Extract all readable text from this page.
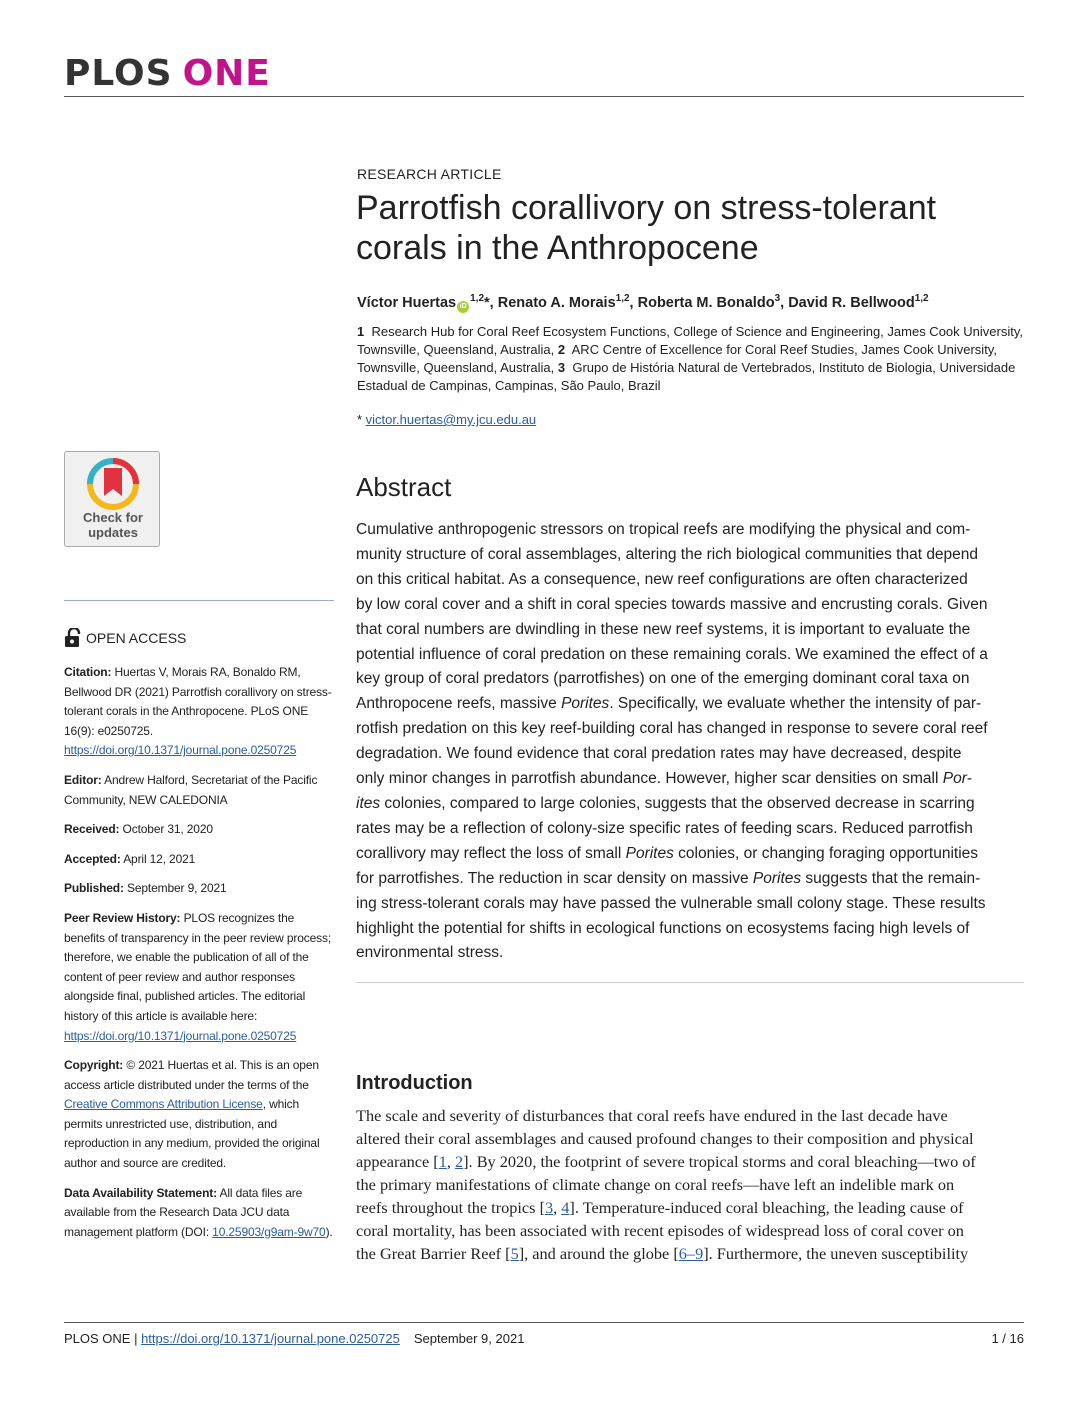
PLOS ONE
RESEARCH ARTICLE
Parrotfish corallivory on stress-tolerant corals in the Anthropocene
Víctor Huertas iD$^{1,2}$*, Renato A. Morais$^{1,2}$, Roberta M. Bonaldo$^3$, David R. Bellwood$^{1,2}$
1 Research Hub for Coral Reef Ecosystem Functions, College of Science and Engineering, James Cook University, Townsville, Queensland, Australia, 2 ARC Centre of Excellence for Coral Reef Studies, James Cook University, Townsville, Queensland, Australia, 3 Grupo de História Natural de Vertebrados, Instituto de Biologia, Universidade Estadual de Campinas, Campinas, São Paulo, Brazil
* victor.huertas@my.jcu.edu.au
Abstract
Cumulative anthropogenic stressors on tropical reefs are modifying the physical and com-
munity structure of coral assemblages, altering the rich biological communities that depend
on this critical habitat. As a consequence, new reef configurations are often characterized
by low coral cover and a shift in coral species towards massive and encrusting corals. Given
that coral numbers are dwindling in these new reef systems, it is important to evaluate the
potential influence of coral predation on these remaining corals. We examined the effect of a
key group of coral predators (parrotfishes) on one of the emerging dominant coral taxa on
Anthropocene reefs, massive Porites. Specifically, we evaluate whether the intensity of par-
rotfish predation on this key reef-building coral has changed in response to severe coral reef
degradation. We found evidence that coral predation rates may have decreased, despite
only minor changes in parrotfish abundance. However, higher scar densities on small Por-
ites colonies, compared to large colonies, suggests that the observed decrease in scarring
rates may be a reflection of colony-size specific rates of feeding scars. Reduced parrotfish
corallivory may reflect the loss of small Porites colonies, or changing foraging opportunities
for parrotfishes. The reduction in scar density on massive Porites suggests that the remain-
ing stress-tolerant corals may have passed the vulnerable small colony stage. These results
highlight the potential for shifts in ecological functions on ecosystems facing high levels of
environmental stress.
Introduction
The scale and severity of disturbances that coral reefs have endured in the last decade have
altered their coral assemblages and caused profound changes to their composition and physical
appearance [1, 2]. By 2020, the footprint of severe tropical storms and coral bleaching—two of
the primary manifestations of climate change on coral reefs—have left an indelible mark on
reefs throughout the tropics [3, 4]. Temperature-induced coral bleaching, the leading cause of
coral mortality, has been associated with recent episodes of widespread loss of coral cover on
the Great Barrier Reef [5], and around the globe [6–9]. Furthermore, the uneven susceptibility
Check for updates
OPEN ACCESS

Citation: Huertas V, Morais RA, Bonaldo RM, Bellwood DR (2021) Parrotfish corallivory on stress-tolerant corals in the Anthropocene. PLoS ONE 16(9): e0250725. https://doi.org/10.1371/journal.pone.0250725

Editor: Andrew Halford, Secretariat of the Pacific Community, NEW CALEDONIA

Received: October 31, 2020

Accepted: April 12, 2021

Published: September 9, 2021

Peer Review History: PLOS recognizes the benefits of transparency in the peer review process; therefore, we enable the publication of all of the content of peer review and author responses alongside final, published articles. The editorial history of this article is available here: https://doi.org/10.1371/journal.pone.0250725

Copyright: © 2021 Huertas et al. This is an open access article distributed under the terms of the Creative Commons Attribution License, which permits unrestricted use, distribution, and reproduction in any medium, provided the original author and source are credited.

Data Availability Statement: All data files are available from the Research Data JCU data management platform (DOI: 10.25903/g9am-9w70).

PLOS ONE | https://doi.org/10.1371/journal.pone.0250725 September 9, 2021	1 / 16
